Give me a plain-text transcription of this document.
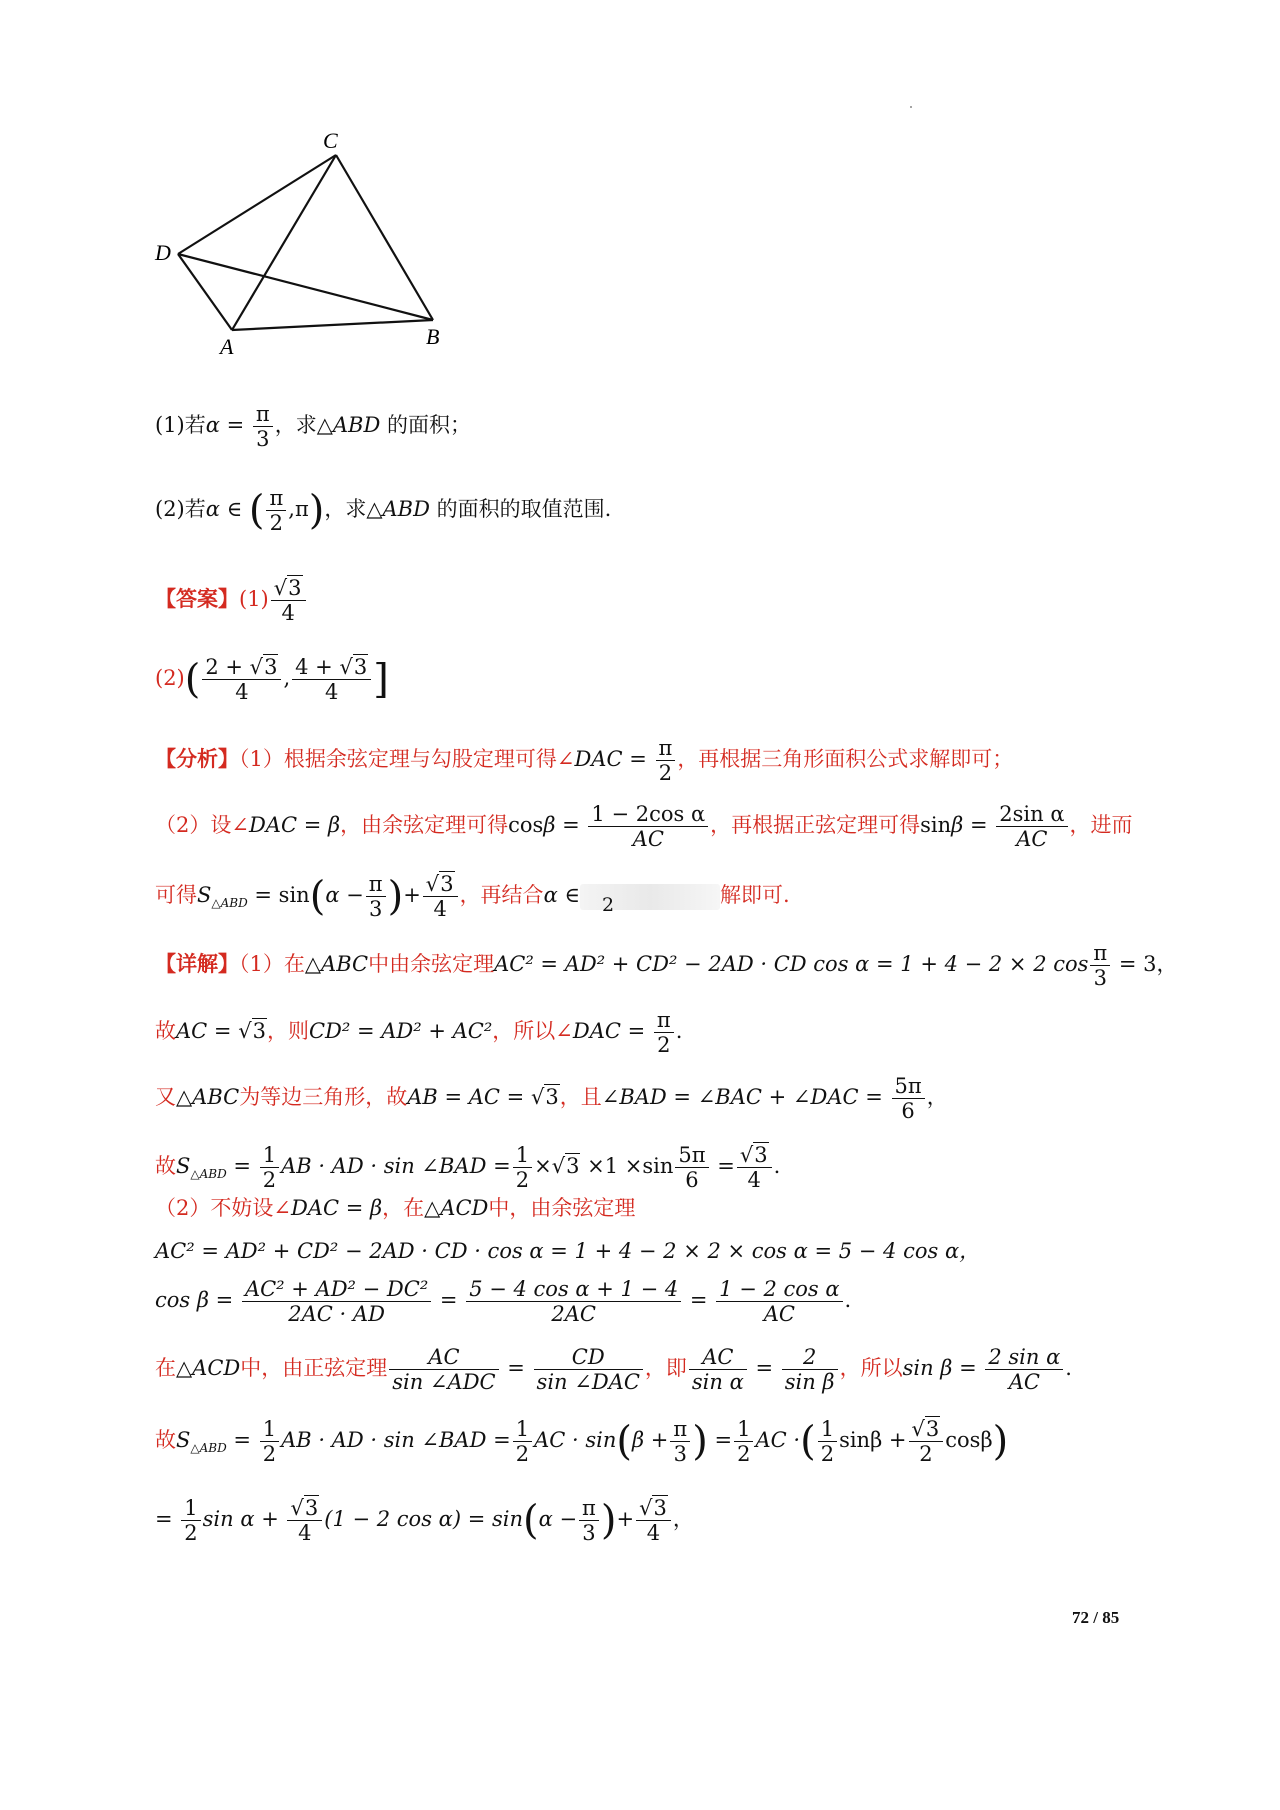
C
D
A	B
(1)若$\alpha = \frac{\pi}{3}$ ，求△ABD 的面积；
(2)若α ∈ ( $\frac{\pi}{2} ,\pi$)，求△ABD 的面积的取值范围.
【答案】(1) √ $\frac{3}{4}$
$(2)( \frac{2 + √ 3}{4}$ , $\frac{4 + √ 3}{4}$ ]
【分析】（1）根据余弦定理与勾股定理可得∠DAC = $\frac{\pi}{2}$ ，再根据三角形面积公式求解即可；
（2）设∠DAC = β，由余弦定理可得$\cos\beta = \frac{\text{1 − 2cos α}}{AC}$ ，再根据正弦定理可得$\sin\beta = \frac{\text{2sin α}}{AC}$ ，进而
可得$S_{\triangle ABD} = \sin(\alpha - \frac{\pi}{3}$ )+ √ $\frac{3}{4}$ ，再结合α ∈ 2	解即可.
【详解】（1）在△ABC中由余弦定理AC² = AD² + CD² − 2AD · CD cos α = 1 + 4 − 2 × 2 $\cos \frac{\pi}{3} = 3$，
故AC = √ 3，则CD² = AD² + AC²，所以∠DAC = $\frac{\pi}{2}$ .
又△ABC为等边三角形，故AB = AC = √ 3，且∠BAD = ∠BAC + ∠DAC = $\frac{5\pi}{6}$ ，
故$S_{\triangle ABD} = \frac{1}{2}$ AB · AD · sin ∠BAD = $\frac{1}{2}$ × √ $3 \times 1 \times\sin \frac{5\pi}{6}$ = √ $\frac{3}{4}$ .
（2）不妨设∠DAC = β，在△ACD中，由余弦定理
AC² = AD² + CD² − 2AD · CD · cos α = 1 + 4 − 2 × 2 × cos α = 5 − 4 cos α，
$\cos \beta = \frac{\text{AC² + AD² − DC²}}{2AC \cdot AD} = \frac{\text{5 − 4 cos α + 1 − 4}}{2AC} = \frac{\text{1 − 2 cos α}}{AC}$ .
在△ACD中，由正弦定理 $\frac{AC}{\text{sin ∠ADC}} = \frac{CD}{\text{sin ∠DAC}}$ ，即 $\frac{AC}{\text{sin α}} = \frac{2}{\text{sin β}}$ ，所以$\sin \beta = \frac{\text{2 sin α}}{AC}$ .
故$S_{\triangle ABD} = \frac{1}{2}$ AB · AD · sin ∠BAD = $\frac{1}{2}$ AC · $\sin(\beta + \frac{\pi}{3}$ ) = $\frac{1}{2}$ AC ·( $\frac{1}{2}$ sinβ + √ $\frac{3}{2} \cos\beta$)
= $\frac{1}{2}$ sin α + √ $\frac{3}{4} (1 - 2$ $\cos \alpha) = \sin(\alpha - \frac{\pi}{3}$ )+ √ $\frac{3}{4}$ ，
72 / 85
